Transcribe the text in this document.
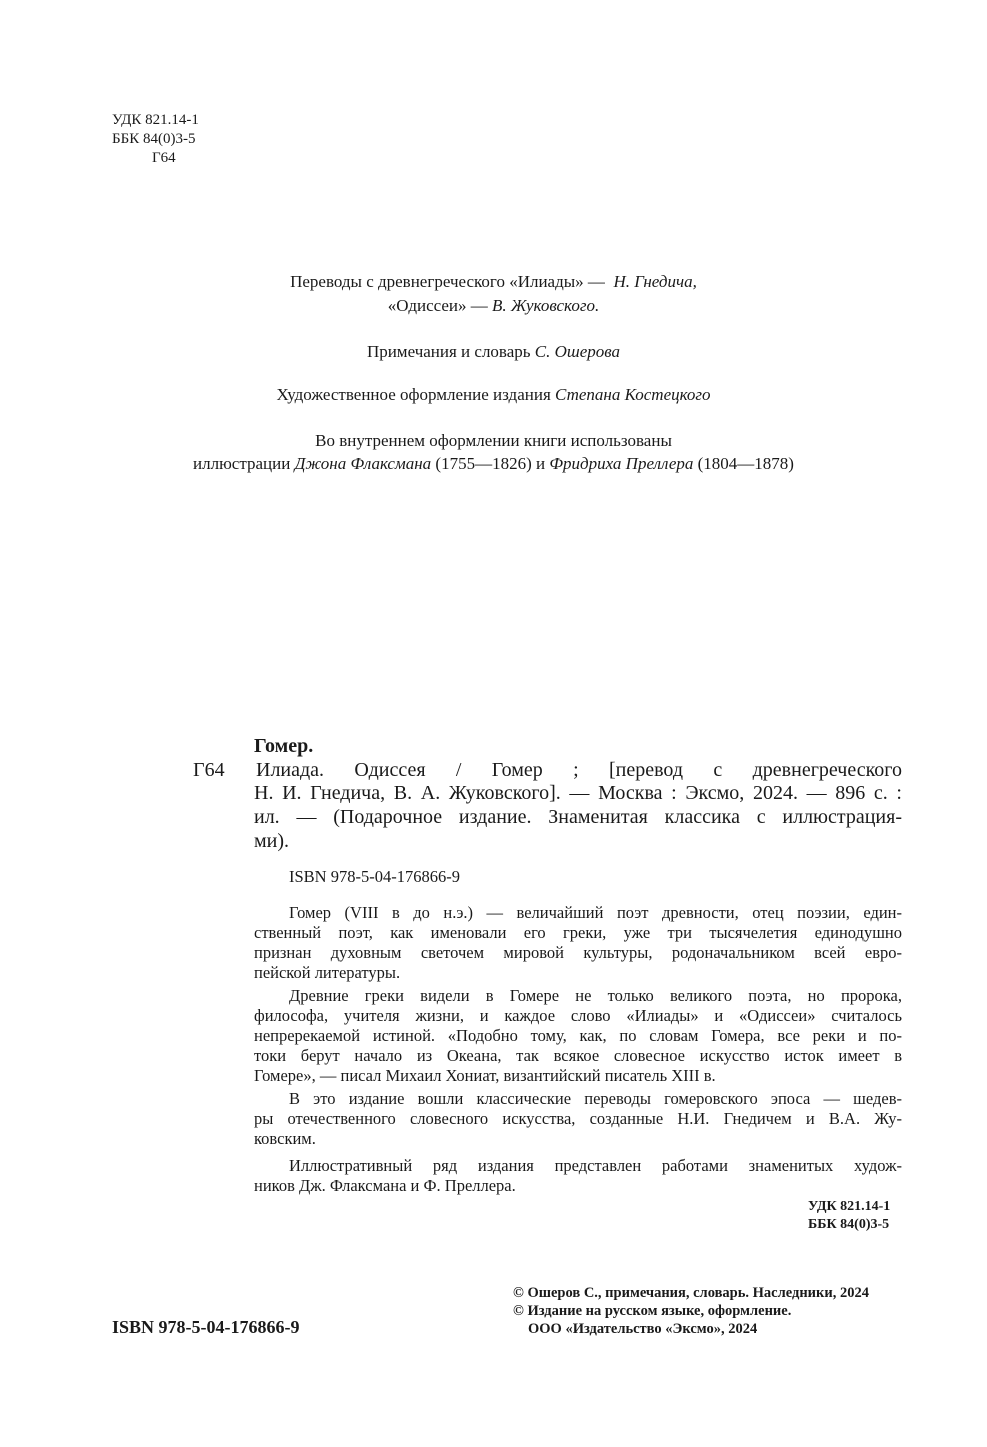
УДК 821.14-1
ББК 84(0)3-5
Г64
Переводы с древнегреческого «Илиады» — Н. Гнедича,
«Одиссеи» — В. Жуковского.
Примечания и словарь С. Ошерова
Художественное оформление издания Степана Костецкого
Во внутреннем оформлении книги использованы
иллюстрации Джона Флаксмана (1755—1826) и Фридриха Преллера (1804—1878)
Гомер.
Г64 Илиада. Одиссея / Гомер ; [перевод с древнегреческого
Н. И. Гнедича, В. А. Жуковского]. — Москва : Эксмо, 2024. — 896 с. :
ил. — (Подарочное издание. Знаменитая классика с иллюстрация-
ми).
ISBN 978-5-04-176866-9
Гомер (VIII в до н.э.) — величайший поэт древности, отец поэзии, един-
ственный поэт, как именовали его греки, уже три тысячелетия единодушно
признан духовным светочем мировой культуры, родоначальником всей евро-
пейской литературы.
Древние греки видели в Гомере не только великого поэта, но пророка,
философа, учителя жизни, и каждое слово «Илиады» и «Одиссеи» считалось
непререкаемой истиной. «Подобно тому, как, по словам Гомера, все реки и по-
токи берут начало из Океана, так всякое словесное искусство исток имеет в
Гомере», — писал Михаил Хониат, византийский писатель XIII в.
В это издание вошли классические переводы гомеровского эпоса — шедев-
ры отечественного словесного искусства, созданные Н.И. Гнедичем и В.А. Жу-
ковским.
Иллюстративный ряд издания представлен работами знаменитых худож-
ников Дж. Флаксмана и Ф. Преллера.
УДК 821.14-1
ББК 84(0)3-5
ISBN 978-5-04-176866-9
© Ошеров С., примечания, словарь. Наследники, 2024
© Издание на русском языке, оформление.
ООО «Издательство «Эксмо», 2024
